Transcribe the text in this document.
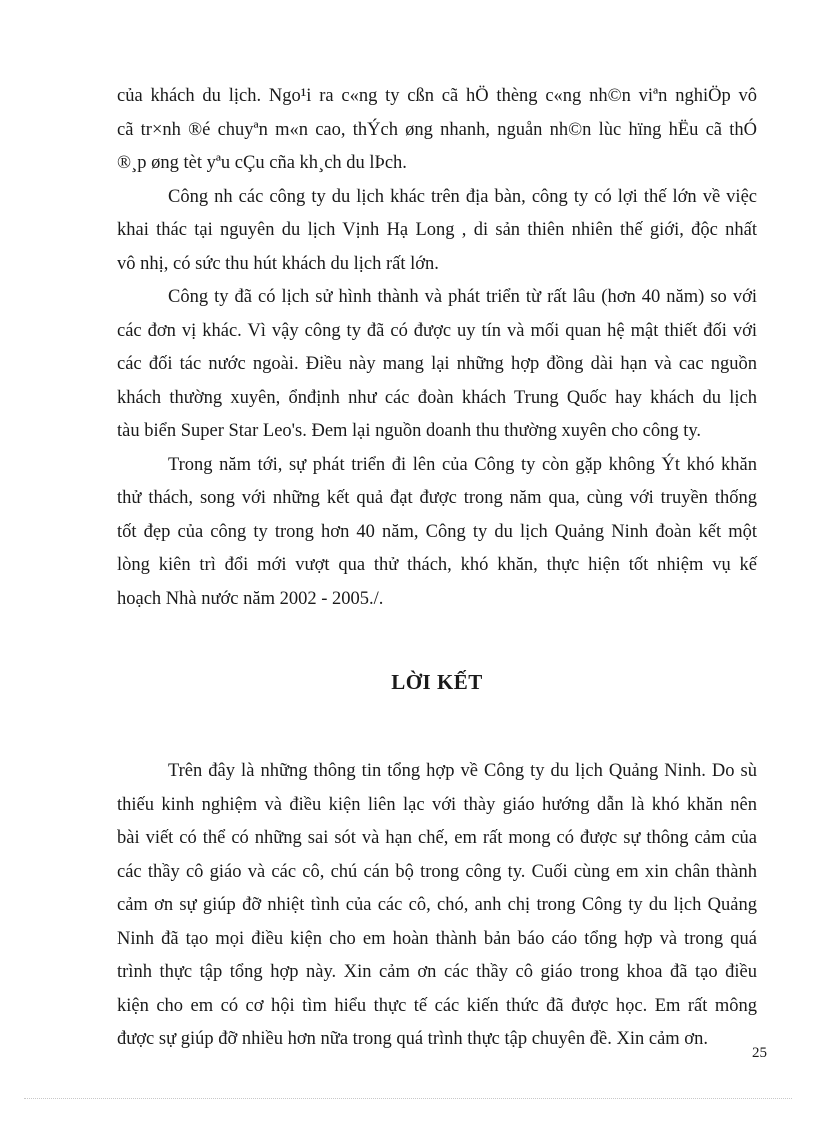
của khách du lịch. Ngo¹i ra c«ng ty cßn cã hÖ thèng c«ng nh©n viªn nghiÖp vô
cã tr×nh ®é chuyªn m«n cao, thÝch øng nhanh, nguån nh©n lùc hïng hËu cã thÓ
®¸p øng tèt yªu cÇu cña kh¸ch du lÞch.
Công nh các công ty du lịch khác trên địa bàn, công ty có lợi thế lớn về việc
khai thác tại nguyên du lịch Vịnh Hạ Long , di sản thiên nhiên thế giới, độc nhất
vô nhị, có sức thu hút khách du lịch rất lớn.
Công ty đã có lịch sử hình thành và phát triển từ rất lâu (hơn 40 năm) so với
các đơn vị khác. Vì vậy công ty đã có được uy tín và mối quan hệ mật thiết đối với
các đối tác nước ngoài. Điều này mang lại những hợp đồng dài hạn và cac nguồn
khách thường xuyên, ổnđịnh như các đoàn khách Trung Quốc hay khách du lịch
tàu biển Super Star Leo's. Đem lại nguồn doanh thu thường xuyên cho công ty.
Trong năm tới, sự phát triển đi lên của Công ty còn gặp không Ýt khó khăn
thử thách, song với những kết quả đạt được trong năm qua, cùng với truyền thống
tốt đẹp của công ty trong hơn 40 năm, Công ty du lịch Quảng Ninh đoàn kết một
lòng kiên trì đổi mới vượt qua thử thách, khó khăn, thực hiện tốt nhiệm vụ kế
hoạch Nhà nước năm 2002 - 2005./.
LỜI KẾT
Trên đây là những thông tin tổng hợp về Công ty du lịch Quảng Ninh. Do sù
thiếu kinh nghiệm và điều kiện liên lạc với thày giáo hướng dẫn là khó khăn nên
bài viết có thể có những sai sót và hạn chế, em rất mong có được sự thông cảm của
các thầy cô giáo và các cô, chú cán bộ trong công ty. Cuối cùng em xin chân thành
cảm ơn sự giúp đỡ nhiệt tình của các cô, chó, anh chị trong Công ty du lịch Quảng
Ninh đã tạo mọi điều kiện cho em hoàn thành bản báo cáo tổng hợp và trong quá
trình thực tập tổng hợp này. Xin cảm ơn các thầy cô giáo trong khoa đã tạo điều
kiện cho em có cơ hội tìm hiểu thực tế các kiến thức đã được học. Em rất mông
được sự giúp đỡ nhiều hơn nữa trong quá trình thực tập chuyên đề. Xin cảm ơn.
25
